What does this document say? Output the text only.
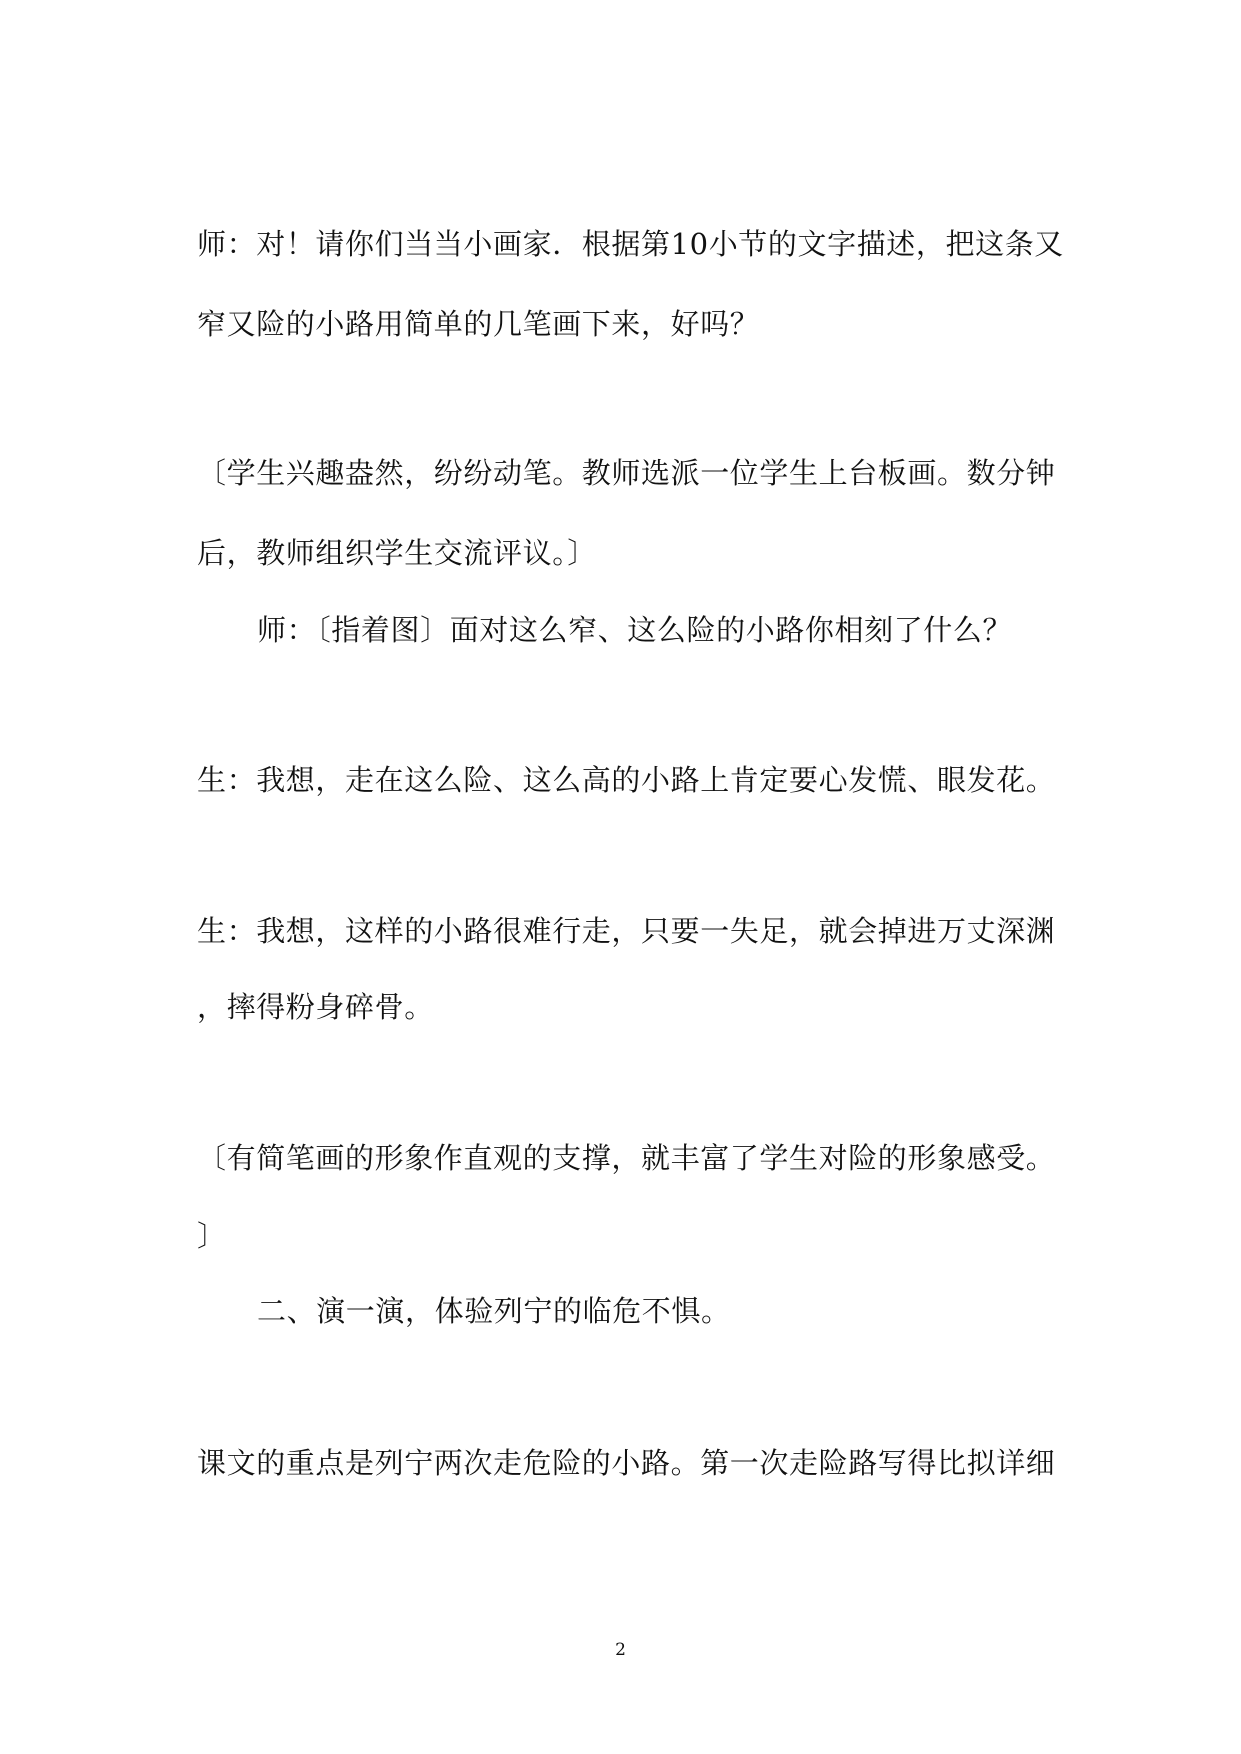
师：对！请你们当当小画家．根据第10小节的文字描述，把这条又
窄又险的小路用简单的几笔画下来，好吗？
〔学生兴趣盎然，纷纷动笔。教师选派一位学生上台板画。数分钟
后，教师组织学生交流评议。〕
师：〔指着图〕面对这么窄、这么险的小路你相刻了什么？
生：我想，走在这么险、这么高的小路上肯定要心发慌、眼发花。
生：我想，这样的小路很难行走，只要一失足，就会掉进万丈深渊
，摔得粉身碎骨。
〔有简笔画的形象作直观的支撑，就丰富了学生对险的形象感受。
〕
二、演一演，体验列宁的临危不惧。
课文的重点是列宁两次走危险的小路。第一次走险路写得比拟详细
2
